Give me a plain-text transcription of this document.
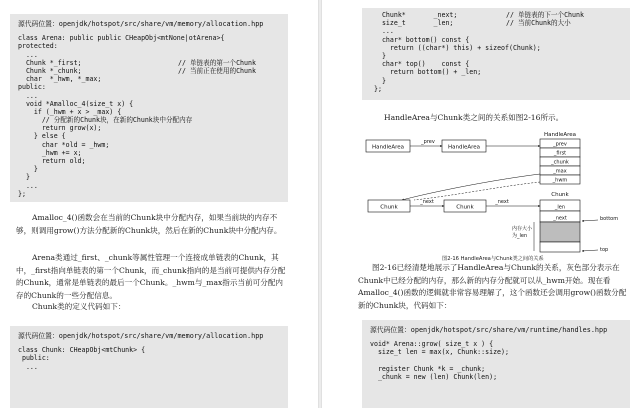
源代码位置：openjdk/hotspot/src/share/vm/memory/allocation.hpp
class Arena: public public CHeapObj<mtNone|otArena>{
protected:
...
Chunk *_first;	// 单链表的第一个Chunk
Chunk *_chunk;	// 当前正在使用的Chunk
char  *_hwm, *_max;
public:
...
void *Amalloc_4(size_t x) {
if (_hwm + x > _max) {
// 分配新的Chunk块，在新的Chunk块中分配内存
return grow(x);
} else {
char *old = _hwm;
_hwm += x;
return old;
}
}
...
};

Amalloc_4()函数会在当前的Chunk块中分配内存，如果当前块的内存不够，则调用grow()方法分配新的Chunk块，然后在新的Chunk块中分配内存。

Arena类通过_first、_chunk等属性管理一个连接成单链表的Chunk，其中，_first指向单链表的第一个Chunk，而_chunk指向的是当前可提供内存分配的Chunk，通常是单链表的最后一个Chunk。_hwm与_max指示当前可分配内存的Chunk的一些分配信息。

Chunk类的定义代码如下：

源代码位置：openjdk/hotspot/src/share/vm/memory/allocation.hpp
class Chunk: CHeapObj<mtChunk> {
public:
...
Chunk*       _next;	// 单链表的下一个Chunk
size_t       _len;	// 当前Chunk的大小
...
char* bottom() const {
return ((char*) this) + sizeof(Chunk);
}
char* top()    const {
return bottom() + _len;
}
};

HandleArea与Chunk类之间的关系如图2-16所示。

HandleArea	HandleArea
_prev
HandleArea
_prev
_first
_chunk
_max
_hwm
Chunk
_next
Chunk
_next
Chunk
_len
_next	bottom
top
内存大小为_len
图2-16 HandleArea与Chunk类之间的关系

图2-16已经清楚地展示了HandleArea与Chunk的关系，灰色部分表示在Chunk中已经分配的内存，那么新的内存分配就可以从_hwm开始。现在看Amalloc_4()函数的逻辑就非常容易理解了，这个函数还会调用grow()函数分配新的Chunk块，代码如下：

源代码位置：openjdk/hotspot/src/share/vm/runtime/handles.hpp
void* Arena::grow( size_t x ) {
size_t len = max(x, Chunk::size);
register Chunk *k = _chunk;
_chunk = new (len) Chunk(len);
